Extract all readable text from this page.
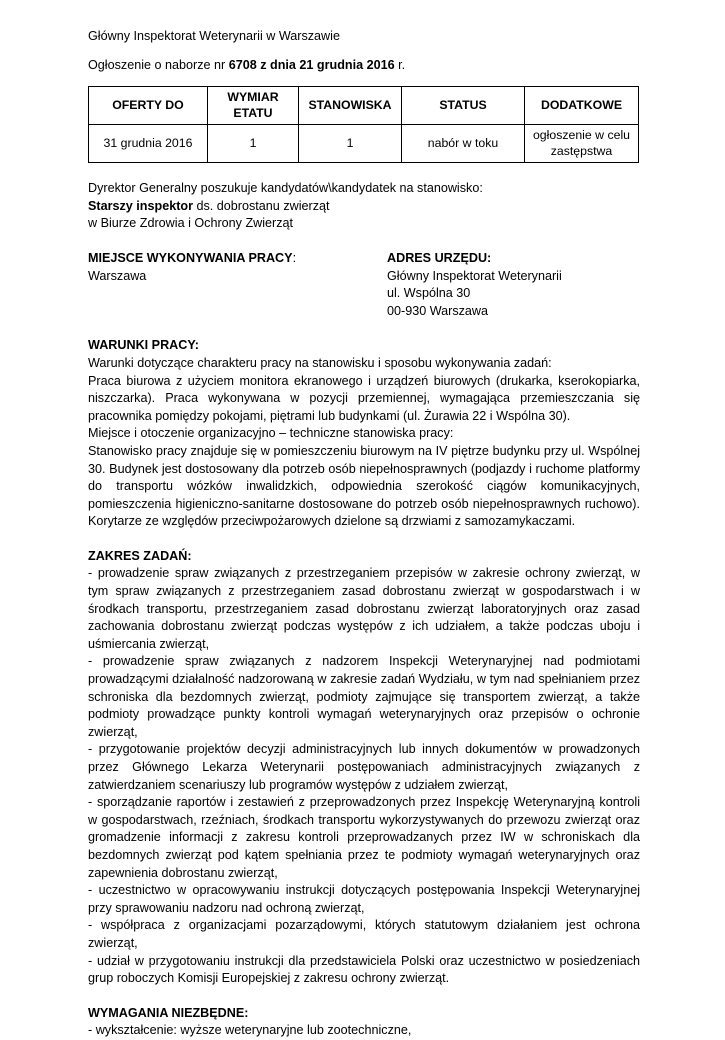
Główny Inspektorat Weterynarii w Warszawie

Ogłoszenie o naborze nr 6708 z dnia 21 grudnia 2016 r.

OFERTY DO	WYMIAR ETATU	STANOWISKA	STATUS	DODATKOWE
31 grudnia 2016	1	1	nabór w toku	ogłoszenie w celu zastępstwa

Dyrektor Generalny poszukuje kandydatów\kandydatek na stanowisko:

Starszy inspektor ds. dobrostanu zwierząt

w Biurze Zdrowia i Ochrony Zwierząt

MIEJSCE WYKONYWANIA PRACY:

Warszawa

ADRES URZĘDU:

Główny Inspektorat Weterynarii

ul. Wspólna 30

00-930 Warszawa

WARUNKI PRACY:

Warunki dotyczące charakteru pracy na stanowisku i sposobu wykonywania zadań:

Praca biurowa z użyciem monitora ekranowego i urządzeń biurowych (drukarka, kserokopiarka, niszczarka). Praca wykonywana w pozycji przemiennej, wymagająca przemieszczania się pracownika pomiędzy pokojami, piętrami lub budynkami (ul. Żurawia 22 i Wspólna 30).

Miejsce i otoczenie organizacyjno – techniczne stanowiska pracy:

Stanowisko pracy znajduje się w pomieszczeniu biurowym na IV piętrze budynku przy ul. Wspólnej 30. Budynek jest dostosowany dla potrzeb osób niepełnosprawnych (podjazdy i ruchome platformy do transportu wózków inwalidzkich, odpowiednia szerokość ciągów komunikacyjnych, pomieszczenia higieniczno-sanitarne dostosowane do potrzeb osób niepełnosprawnych ruchowo). Korytarze ze względów przeciwpożarowych dzielone są drzwiami z samozamykaczami.

ZAKRES ZADAŃ:

- prowadzenie spraw związanych z przestrzeganiem przepisów w zakresie ochrony zwierząt, w tym spraw związanych z przestrzeganiem zasad dobrostanu zwierząt w gospodarstwach i w środkach transportu, przestrzeganiem zasad dobrostanu zwierząt laboratoryjnych oraz zasad zachowania dobrostanu zwierząt podczas występów z ich udziałem, a także podczas uboju i uśmiercania zwierząt,
- prowadzenie spraw związanych z nadzorem Inspekcji Weterynaryjnej nad podmiotami prowadzącymi działalność nadzorowaną w zakresie zadań Wydziału, w tym nad spełnianiem przez schroniska dla bezdomnych zwierząt, podmioty zajmujące się transportem zwierząt, a także podmioty prowadzące punkty kontroli wymagań weterynaryjnych oraz przepisów o ochronie zwierząt,
- przygotowanie projektów decyzji administracyjnych lub innych dokumentów w prowadzonych przez Głównego Lekarza Weterynarii postępowaniach administracyjnych związanych z zatwierdzaniem scenariuszy lub programów występów z udziałem zwierząt,
- sporządzanie raportów i zestawień z przeprowadzonych przez Inspekcję Weterynaryjną kontroli w gospodarstwach, rzeźniach, środkach transportu wykorzystywanych do przewozu zwierząt oraz gromadzenie informacji z zakresu kontroli przeprowadzanych przez IW w schroniskach dla bezdomnych zwierząt pod kątem spełniania przez te podmioty wymagań weterynaryjnych oraz zapewnienia dobrostanu zwierząt,
- uczestnictwo w opracowywaniu instrukcji dotyczących postępowania Inspekcji Weterynaryjnej przy sprawowaniu nadzoru nad ochroną zwierząt,
- współpraca z organizacjami pozarządowymi, których statutowym działaniem jest ochrona zwierząt,
- udział w przygotowaniu instrukcji dla przedstawiciela Polski oraz uczestnictwo w posiedzeniach grup roboczych Komisji Europejskiej z zakresu ochrony zwierząt.

WYMAGANIA NIEZBĘDNE:

- wykształcenie: wyższe weterynaryjne lub zootechniczne,
